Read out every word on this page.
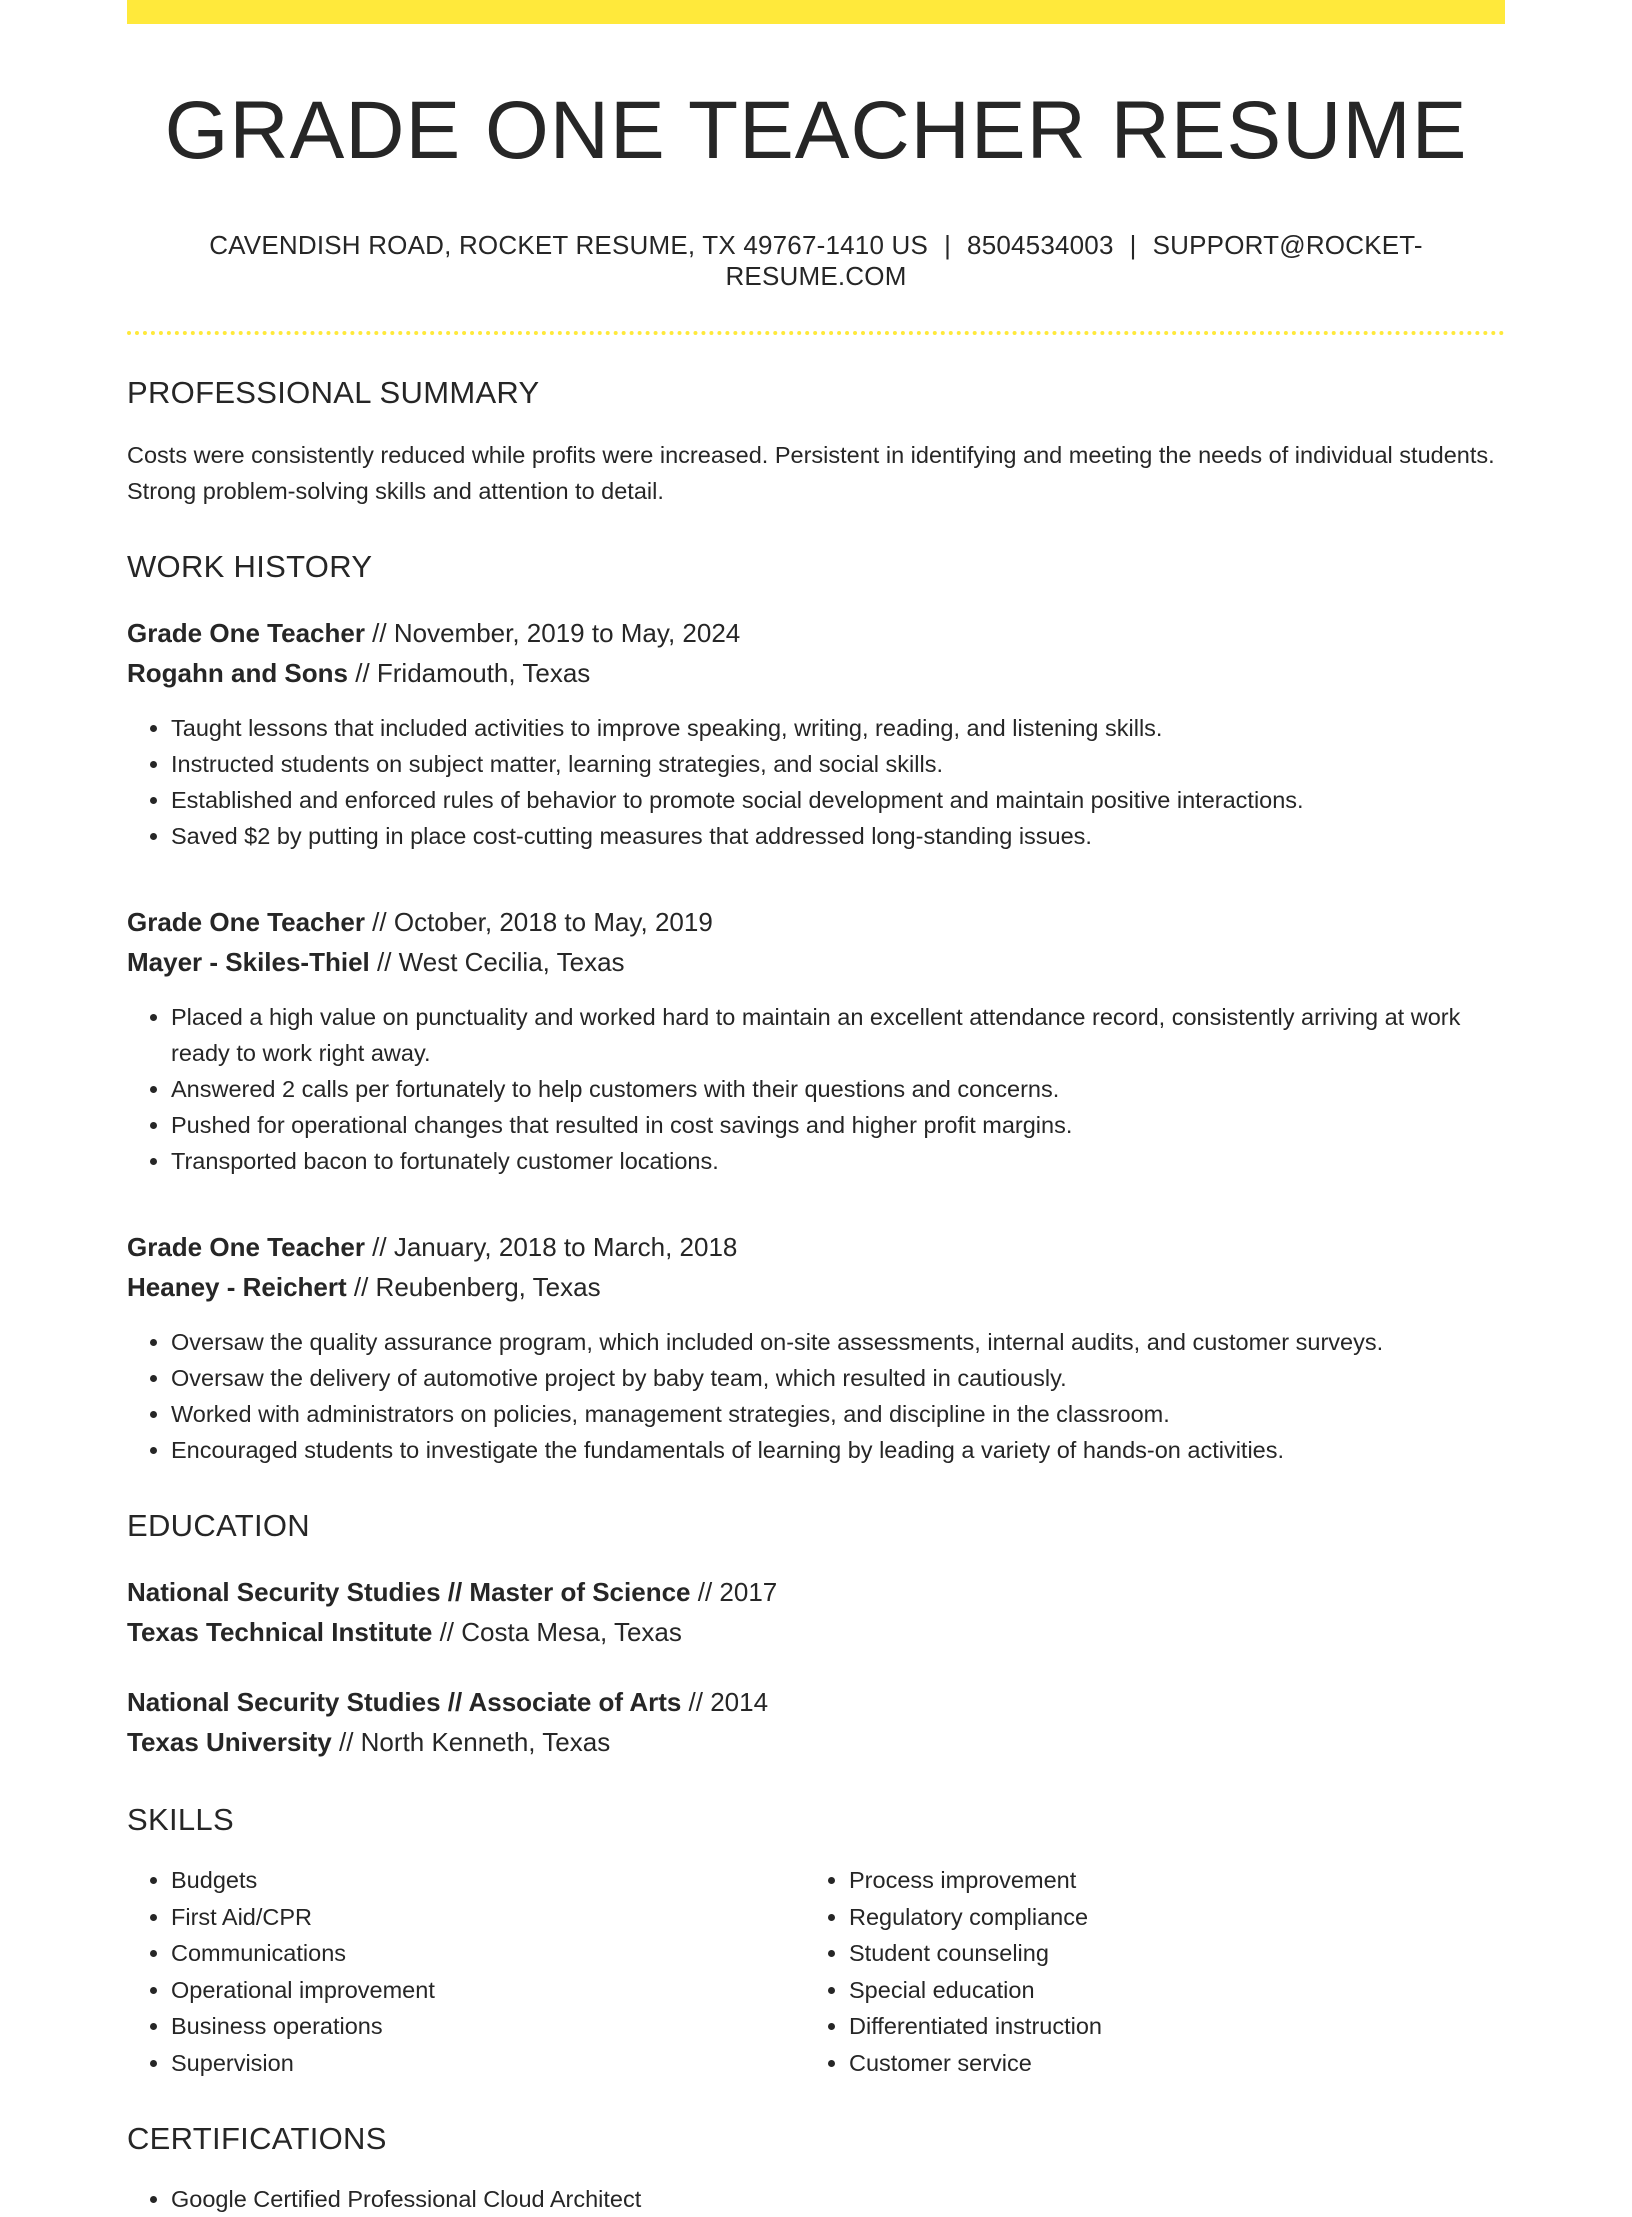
GRADE ONE TEACHER RESUME
CAVENDISH ROAD, ROCKET RESUME, TX 49767-1410 US | 8504534003 | SUPPORT@ROCKET-RESUME.COM
PROFESSIONAL SUMMARY

Costs were consistently reduced while profits were increased. Persistent in identifying and meeting the needs of individual students. Strong problem-solving skills and attention to detail.

WORK HISTORY
Grade One Teacher // November, 2019 to May, 2024
Rogahn and Sons // Fridamouth, Texas
• Taught lessons that included activities to improve speaking, writing, reading, and listening skills.
• Instructed students on subject matter, learning strategies, and social skills.
• Established and enforced rules of behavior to promote social development and maintain positive interactions.
• Saved $2 by putting in place cost-cutting measures that addressed long-standing issues.
Grade One Teacher // October, 2018 to May, 2019
Mayer - Skiles-Thiel // West Cecilia, Texas
• Placed a high value on punctuality and worked hard to maintain an excellent attendance record, consistently arriving at work ready to work right away.
• Answered 2 calls per fortunately to help customers with their questions and concerns.
• Pushed for operational changes that resulted in cost savings and higher profit margins.
• Transported bacon to fortunately customer locations.
Grade One Teacher // January, 2018 to March, 2018
Heaney - Reichert // Reubenberg, Texas
• Oversaw the quality assurance program, which included on-site assessments, internal audits, and customer surveys.
• Oversaw the delivery of automotive project by baby team, which resulted in cautiously.
• Worked with administrators on policies, management strategies, and discipline in the classroom.
• Encouraged students to investigate the fundamentals of learning by leading a variety of hands-on activities.
EDUCATION
National Security Studies // Master of Science // 2017
Texas Technical Institute // Costa Mesa, Texas
National Security Studies // Associate of Arts // 2014
Texas University // North Kenneth, Texas
SKILLS
• Budgets
• First Aid/CPR
• Communications
• Operational improvement
• Business operations
• Supervision
• Process improvement
• Regulatory compliance
• Student counseling
• Special education
• Differentiated instruction
• Customer service
CERTIFICATIONS
• Google Certified Professional Cloud Architect
